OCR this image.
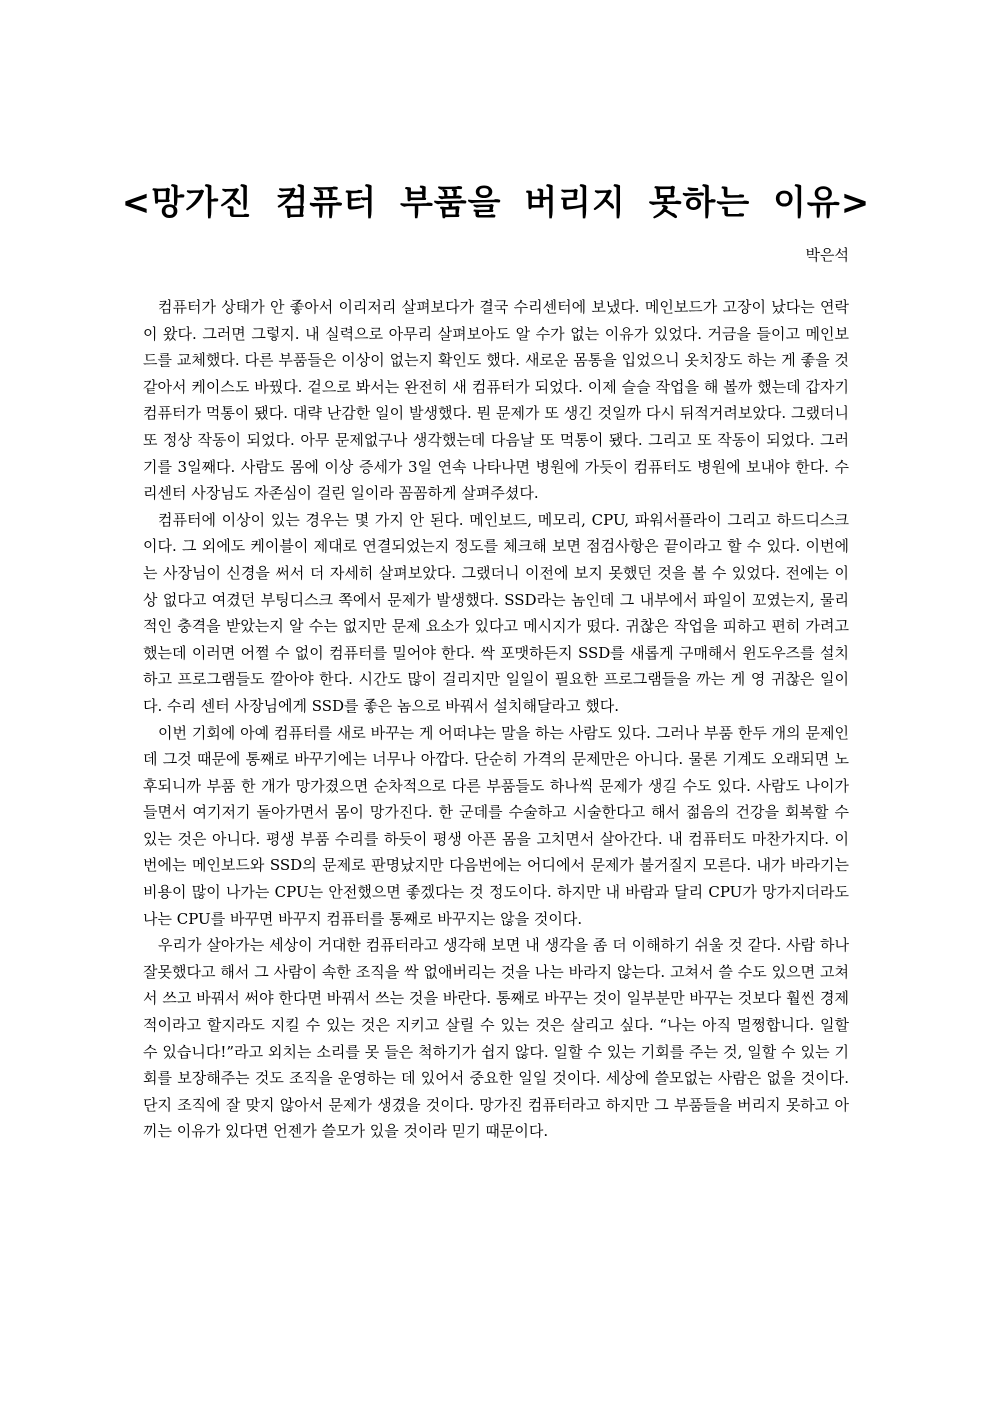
<망가진 컴퓨터 부품을 버리지 못하는 이유>
박은석

컴퓨터가 상태가 안 좋아서 이리저리 살펴보다가 결국 수리센터에 보냈다. 메인보드가 고장이 났다는 연락이 왔다. 그러면 그렇지. 내 실력으로 아무리 살펴보아도 알 수가 없는 이유가 있었다. 거금을 들이고 메인보드를 교체했다. 다른 부품들은 이상이 없는지 확인도 했다. 새로운 몸통을 입었으니 옷치장도 하는 게 좋을 것 같아서 케이스도 바꿨다. 겉으로 봐서는 완전히 새 컴퓨터가 되었다. 이제 슬슬 작업을 해 볼까 했는데 갑자기 컴퓨터가 먹통이 됐다. 대략 난감한 일이 발생했다. 뭔 문제가 또 생긴 것일까 다시 뒤적거려보았다. 그랬더니 또 정상 작동이 되었다. 아무 문제없구나 생각했는데 다음날 또 먹통이 됐다. 그리고 또 작동이 되었다. 그러기를 3일째다. 사람도 몸에 이상 증세가 3일 연속 나타나면 병원에 가듯이 컴퓨터도 병원에 보내야 한다. 수리센터 사장님도 자존심이 걸린 일이라 꼼꼼하게 살펴주셨다.

컴퓨터에 이상이 있는 경우는 몇 가지 안 된다. 메인보드, 메모리, CPU, 파워서플라이 그리고 하드디스크이다. 그 외에도 케이블이 제대로 연결되었는지 정도를 체크해 보면 점검사항은 끝이라고 할 수 있다. 이번에는 사장님이 신경을 써서 더 자세히 살펴보았다. 그랬더니 이전에 보지 못했던 것을 볼 수 있었다. 전에는 이상 없다고 여겼던 부팅디스크 쪽에서 문제가 발생했다. SSD라는 놈인데 그 내부에서 파일이 꼬였는지, 물리적인 충격을 받았는지 알 수는 없지만 문제 요소가 있다고 메시지가 떴다. 귀찮은 작업을 피하고 편히 가려고 했는데 이러면 어쩔 수 없이 컴퓨터를 밀어야 한다. 싹 포맷하든지 SSD를 새롭게 구매해서 윈도우즈를 설치하고 프로그램들도 깔아야 한다. 시간도 많이 걸리지만 일일이 필요한 프로그램들을 까는 게 영 귀찮은 일이다. 수리 센터 사장님에게 SSD를 좋은 놈으로 바꿔서 설치해달라고 했다.

이번 기회에 아예 컴퓨터를 새로 바꾸는 게 어떠냐는 말을 하는 사람도 있다. 그러나 부품 한두 개의 문제인데 그것 때문에 통째로 바꾸기에는 너무나 아깝다. 단순히 가격의 문제만은 아니다. 물론 기계도 오래되면 노후되니까 부품 한 개가 망가졌으면 순차적으로 다른 부품들도 하나씩 문제가 생길 수도 있다. 사람도 나이가 들면서 여기저기 돌아가면서 몸이 망가진다. 한 군데를 수술하고 시술한다고 해서 젊음의 건강을 회복할 수 있는 것은 아니다. 평생 부품 수리를 하듯이 평생 아픈 몸을 고치면서 살아간다. 내 컴퓨터도 마찬가지다. 이번에는 메인보드와 SSD의 문제로 판명났지만 다음번에는 어디에서 문제가 불거질지 모른다. 내가 바라기는 비용이 많이 나가는 CPU는 안전했으면 좋겠다는 것 정도이다. 하지만 내 바람과 달리 CPU가 망가지더라도 나는 CPU를 바꾸면 바꾸지 컴퓨터를 통째로 바꾸지는 않을 것이다.

우리가 살아가는 세상이 거대한 컴퓨터라고 생각해 보면 내 생각을 좀 더 이해하기 쉬울 것 같다. 사람 하나 잘못했다고 해서 그 사람이 속한 조직을 싹 없애버리는 것을 나는 바라지 않는다. 고쳐서 쓸 수도 있으면 고쳐서 쓰고 바꿔서 써야 한다면 바꿔서 쓰는 것을 바란다. 통째로 바꾸는 것이 일부분만 바꾸는 것보다 훨씬 경제적이라고 할지라도 지킬 수 있는 것은 지키고 살릴 수 있는 것은 살리고 싶다. “나는 아직 멀쩡합니다. 일할 수 있습니다!”라고 외치는 소리를 못 들은 척하기가 쉽지 않다. 일할 수 있는 기회를 주는 것, 일할 수 있는 기회를 보장해주는 것도 조직을 운영하는 데 있어서 중요한 일일 것이다. 세상에 쓸모없는 사람은 없을 것이다. 단지 조직에 잘 맞지 않아서 문제가 생겼을 것이다. 망가진 컴퓨터라고 하지만 그 부품들을 버리지 못하고 아끼는 이유가 있다면 언젠가 쓸모가 있을 것이라 믿기 때문이다.
